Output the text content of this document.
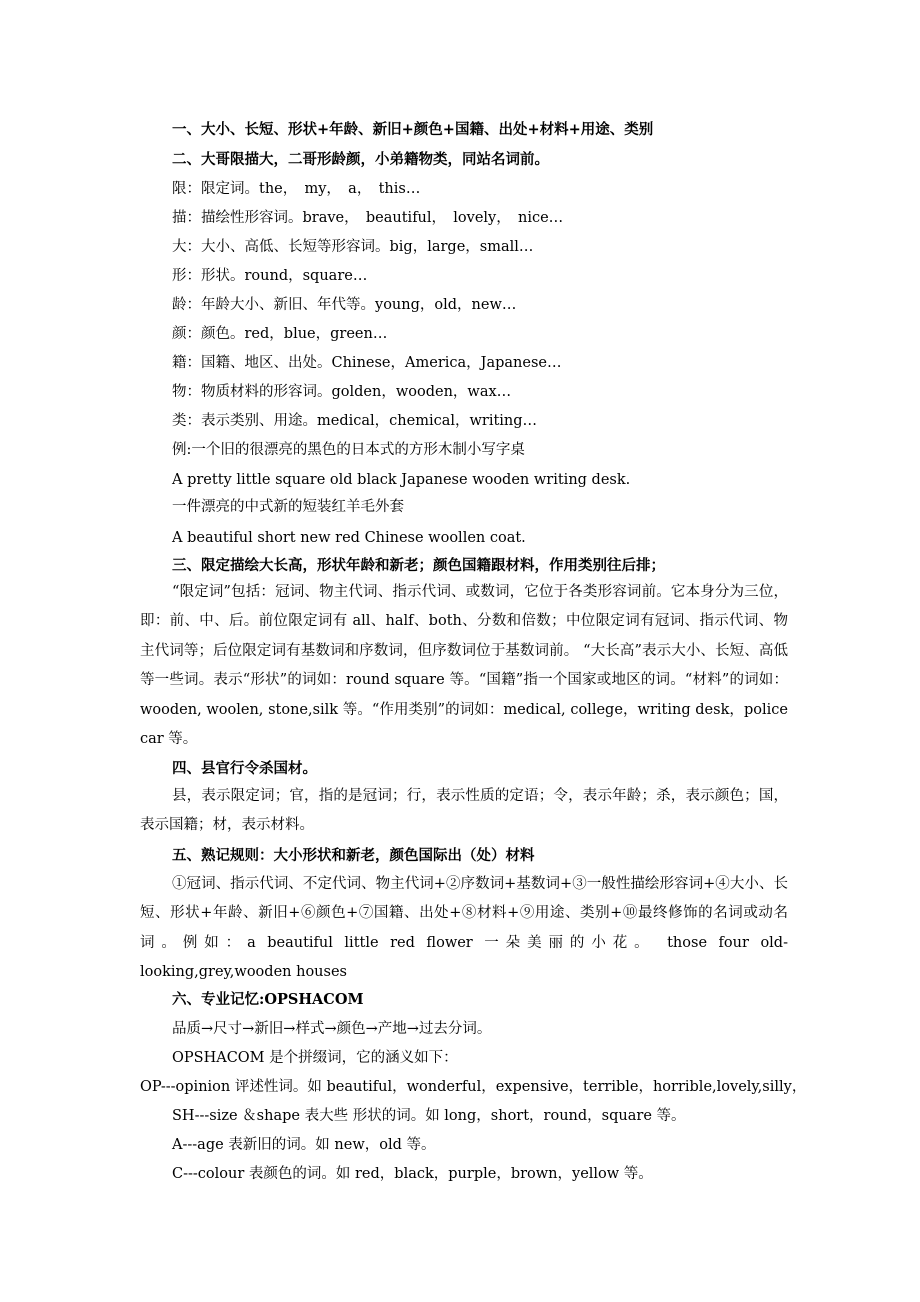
一、大小、长短、形状+年龄、新旧+颜色+国籍、出处+材料+用途、类别
二、大哥限描大，二哥形龄颜，小弟籍物类，同站名词前。
限：限定词。the，　my，　a，　this…
描：描绘性形容词。brave，　beautiful，　lovely，　nice…
大：大小、高低、长短等形容词。big，large，small…
形：形状。round，square…
龄：年龄大小、新旧、年代等。young，old，new…
颜：颜色。red，blue，green…
籍：国籍、地区、出处。Chinese，America，Japanese…
物：物质材料的形容词。golden，wooden，wax…
类：表示类别、用途。medical，chemical，writing…
例:一个旧的很漂亮的黑色的日本式的方形木制小写字桌
A pretty little square old black Japanese wooden writing desk.
一件漂亮的中式新的短装红羊毛外套
A beautiful short new red Chinese woollen coat.
三、限定描绘大长高，形状年龄和新老；颜色国籍跟材料，作用类别往后排；
“限定词”包括：冠词、物主代词、指示代词、或数词，它位于各类形容词前。它本身分为三位，即：前、中、后。前位限定词有 all、half、both、分数和倍数；中位限定词有冠词、指示代词、物主代词等；后位限定词有基数词和序数词，但序数词位于基数词前。 “大长高”表示大小、长短、高低等一些词。表示“形状”的词如：round square 等。“国籍”指一个国家或地区的词。“材料”的词如：wooden, woolen, stone,silk 等。“作用类别”的词如：medical, college，writing desk，police car 等。
四、县官行令杀国材。
县，表示限定词；官，指的是冠词；行，表示性质的定语；令，表示年龄；杀，表示颜色；国，表示国籍；材，表示材料。
五、熟记规则：大小形状和新老，颜色国际出（处）材料
①冠词、指示代词、不定代词、物主代词+②序数词+基数词+③一般性描绘形容词+④大小、长短、形状+年龄、新旧+⑥颜色+⑦国籍、出处+⑧材料+⑨用途、类别+⑩最终修饰的名词或动名词。例如：a beautiful little red flower 一朵美丽的小花。 those four old-looking,grey,wooden houses
六、专业记忆:OPSHACOM
品质→尺寸→新旧→样式→颜色→产地→过去分词。
OPSHACOM 是个拼缀词，它的涵义如下：
OP---opinion 评述性词。如 beautiful，wonderful，expensive，terrible，horrible,lovely,silly，
SH---size ＆shape 表大些 形状的词。如 long，short，round，square 等。
A---age 表新旧的词。如 new，old 等。
C---colour 表颜色的词。如 red，black，purple，brown，yellow 等。
